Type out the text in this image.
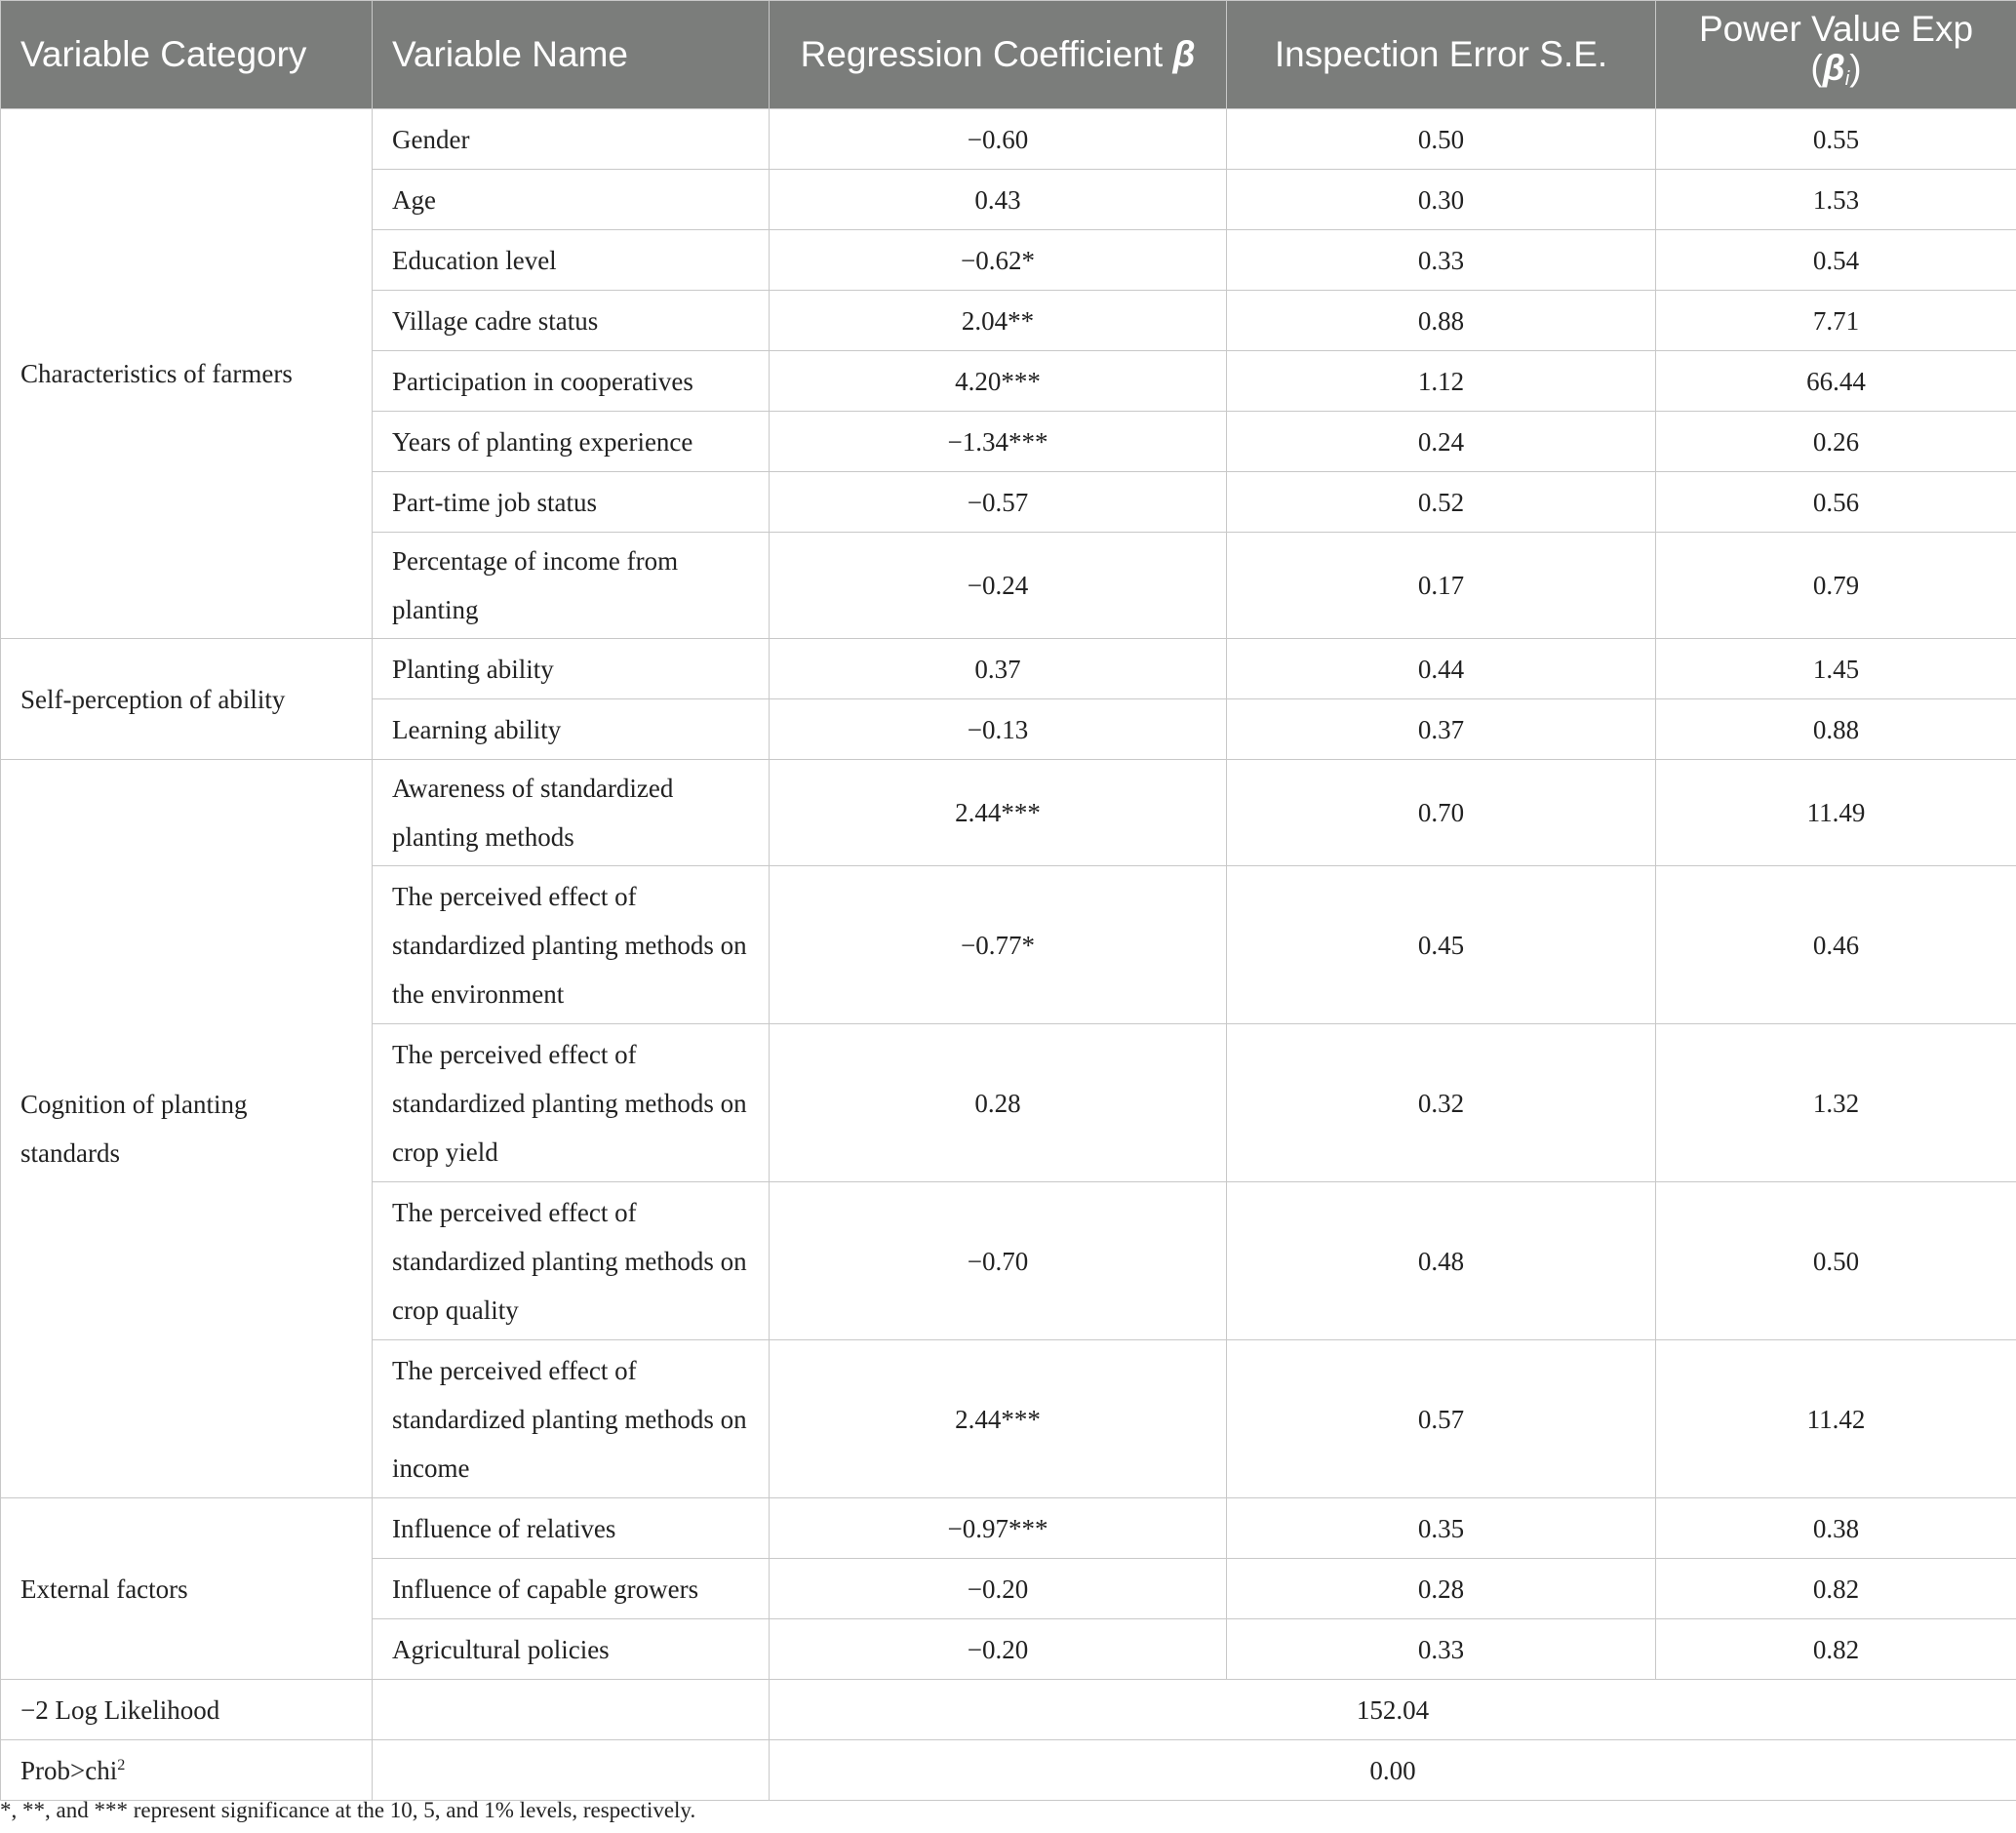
Variable Category	Variable Name	Regression Coefficient β	Inspection Error S.E.	Power Value Exp
$(\beta_i)$
Characteristics of farmers	Gender	−0.60	0.50	0.55
	Age	0.43	0.30	1.53
	Education level	−0.62*	0.33	0.54
	Village cadre status	2.04**	0.88	7.71
	Participation in cooperatives	4.20***	1.12	66.44
	Years of planting experience	−1.34***	0.24	0.26
	Part-time job status	−0.57	0.52	0.56
	Percentage of income from planting	−0.24	0.17	0.79
Self-perception of ability	Planting ability	0.37	0.44	1.45
	Learning ability	−0.13	0.37	0.88
Cognition of planting standards	Awareness of standardized planting methods	2.44***	0.70	11.49
	The perceived effect of standardized planting methods on the environment	−0.77*	0.45	0.46
	The perceived effect of standardized planting methods on crop yield	0.28	0.32	1.32
	The perceived effect of standardized planting methods on crop quality	−0.70	0.48	0.50
	The perceived effect of standardized planting methods on income	2.44***	0.57	11.42
External factors	Influence of relatives	−0.97***	0.35	0.38
	Influence of capable growers	−0.20	0.28	0.82
	Agricultural policies	−0.20	0.33	0.82
−2 Log Likelihood		152.04		
Prob>chi$^2$		0.00		
*, **, and *** represent significance at the 10, 5, and 1% levels, respectively.
